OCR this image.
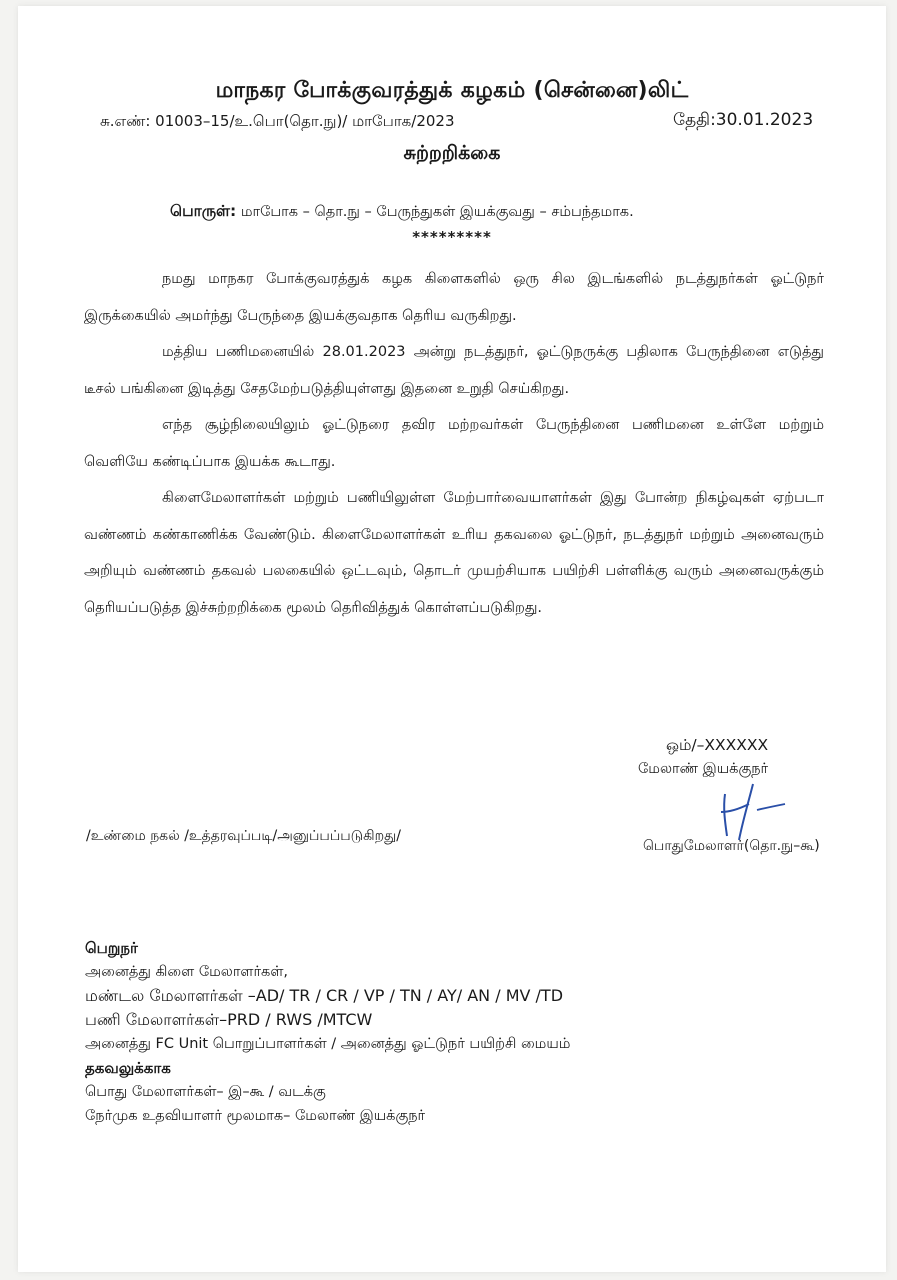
மாநகர போக்குவரத்துக் கழகம் (சென்னை)லிட்
சு.எண்: 01003–15/உ.பொ(தொ.நு)/ மாபோக/2023	தேதி:30.01.2023
சுற்றறிக்கை
பொருள்: மாபோக – தொ.நு – பேருந்துகள் இயக்குவது – சம்பந்தமாக.
*********

நமது மாநகர போக்குவரத்துக் கழக கிளைகளில் ஒரு சில இடங்களில் நடத்துநர்கள் ஓட்டுநர் இருக்கையில் அமர்ந்து பேருந்தை இயக்குவதாக தெரிய வருகிறது.

மத்திய பணிமனையில் 28.01.2023 அன்று நடத்துநர், ஓட்டுநருக்கு பதிலாக பேருந்தினை எடுத்து டீசல் பங்கினை இடித்து சேதமேற்படுத்தியுள்ளது இதனை உறுதி செய்கிறது.

எந்த சூழ்நிலையிலும் ஓட்டுநரை தவிர மற்றவர்கள் பேருந்தினை பணிமனை உள்ளே மற்றும் வெளியே கண்டிப்பாக இயக்க கூடாது.

கிளைமேலாளர்கள் மற்றும் பணியிலுள்ள மேற்பார்வையாளர்கள் இது போன்ற நிகழ்வுகள் ஏற்படா வண்ணம் கண்காணிக்க வேண்டும். கிளைமேலாளர்கள் உரிய தகவலை ஓட்டுநர், நடத்துநர் மற்றும் அனைவரும் அறியும் வண்ணம் தகவல் பலகையில் ஒட்டவும், தொடர் முயற்சியாக பயிற்சி பள்ளிக்கு வரும் அனைவருக்கும் தெரியப்படுத்த இச்சுற்றறிக்கை மூலம் தெரிவித்துக் கொள்ளப்படுகிறது.

ஒம்/–XXXXXX
மேலாண் இயக்குநர்
பொதுமேலாளர்(தொ.நு–கூ)
/உண்மை நகல் /உத்தரவுப்படி/அனுப்பப்படுகிறது/
பெறுநர்
அனைத்து கிளை மேலாளர்கள்,
மண்டல மேலாளர்கள் –AD/ TR / CR / VP / TN / AY/ AN / MV /TD
பணி மேலாளர்கள்–PRD / RWS /MTCW
அனைத்து FC Unit பொறுப்பாளர்கள் / அனைத்து ஓட்டுநர் பயிற்சி மையம்
தகவலுக்காக
பொது மேலாளர்கள்– இ–கூ / வடக்கு
நேர்முக உதவியாளர் மூலமாக– மேலாண் இயக்குநர்
